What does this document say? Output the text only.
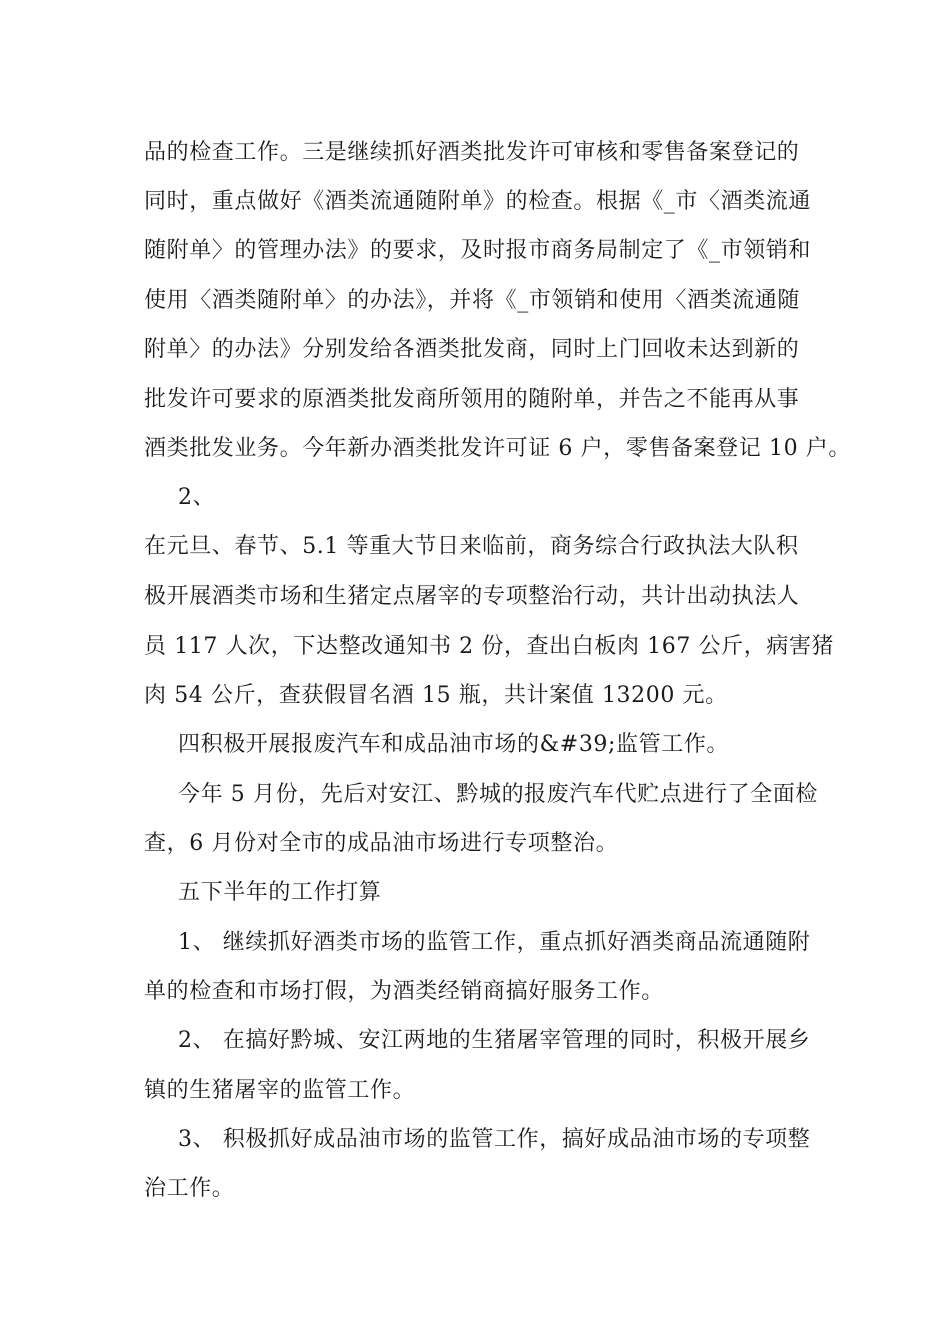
品的检查工作。三是继续抓好酒类批发许可审核和零售备案登记的
同时，重点做好《酒类流通随附单》的检查。根据《_市〈酒类流通
随附单〉的管理办法》的要求，及时报市商务局制定了《_市领销和
使用〈酒类随附单〉的办法》，并将《_市领销和使用〈酒类流通随
附单〉的办法》分别发给各酒类批发商，同时上门回收未达到新的
批发许可要求的原酒类批发商所领用的随附单，并告之不能再从事
酒类批发业务。今年新办酒类批发许可证 6 户，零售备案登记 10 户。
2、
在元旦、春节、5.1 等重大节日来临前，商务综合行政执法大队积
极开展酒类市场和生猪定点屠宰的专项整治行动，共计出动执法人
员 117 人次，下达整改通知书 2 份，查出白板肉 167 公斤，病害猪
肉 54 公斤，查获假冒名酒 15 瓶，共计案值 13200 元。
四积极开展报废汽车和成品油市场的&#39;监管工作。
今年 5 月份，先后对安江、黔城的报废汽车代贮点进行了全面检
查，6 月份对全市的成品油市场进行专项整治。
五下半年的工作打算
1、 继续抓好酒类市场的监管工作，重点抓好酒类商品流通随附
单的检查和市场打假，为酒类经销商搞好服务工作。
2、 在搞好黔城、安江两地的生猪屠宰管理的同时，积极开展乡
镇的生猪屠宰的监管工作。
3、 积极抓好成品油市场的监管工作，搞好成品油市场的专项整
治工作。
